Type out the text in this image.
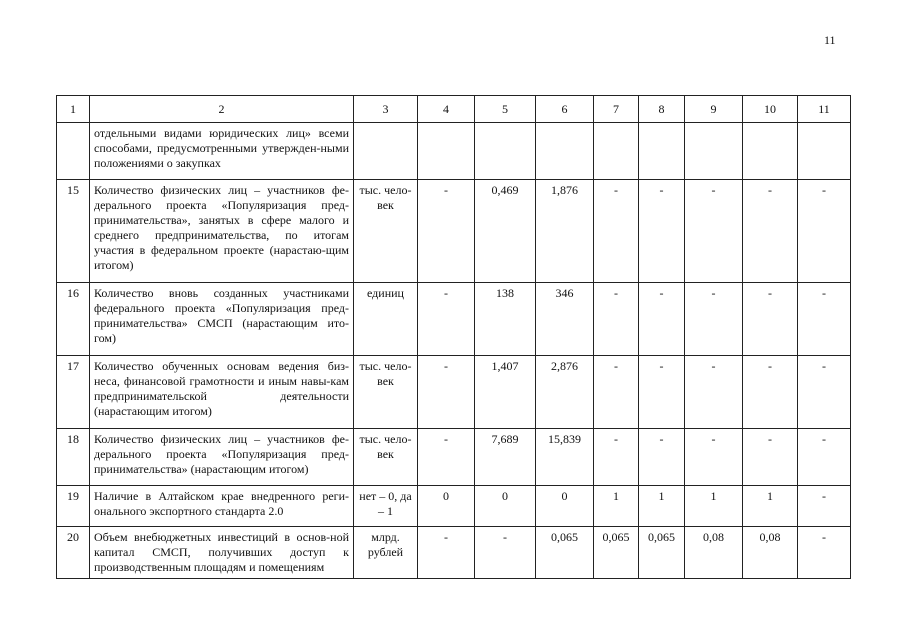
11
1	2	3	4	5	6	7	8	9	10	11
	отдельными видами юридических лиц» всеми способами, предусмотренными утвержден-ными положениями о закупках									
15	Количество физических лиц – участников фе-дерального проекта «Популяризация пред-принимательства», занятых в сфере малого и среднего предпринимательства, по итогам участия в федеральном проекте (нарастаю-щим итогом)	тыс. чело-век	-	0,469	1,876	-	-	-	-	-
16	Количество вновь созданных участниками федерального проекта «Популяризация пред-принимательства» СМСП (нарастающим ито-гом)	единиц	-	138	346	-	-	-	-	-
17	Количество обученных основам ведения биз-неса, финансовой грамотности и иным навы-кам предпринимательской деятельности (нарастающим итогом)	тыс. чело-век	-	1,407	2,876	-	-	-	-	-
18	Количество физических лиц – участников фе-дерального проекта «Популяризация пред-принимательства» (нарастающим итогом)	тыс. чело-век	-	7,689	15,839	-	-	-	-	-
19	Наличие в Алтайском крае внедренного реги-онального экспортного стандарта 2.0	нет – 0, да – 1	0	0	0	1	1	1	1	-
20	Объем внебюджетных инвестиций в основ-ной капитал СМСП, получивших доступ к производственным площадям и помещениям	млрд. рублей	-	-	0,065	0,065	0,065	0,08	0,08	-
